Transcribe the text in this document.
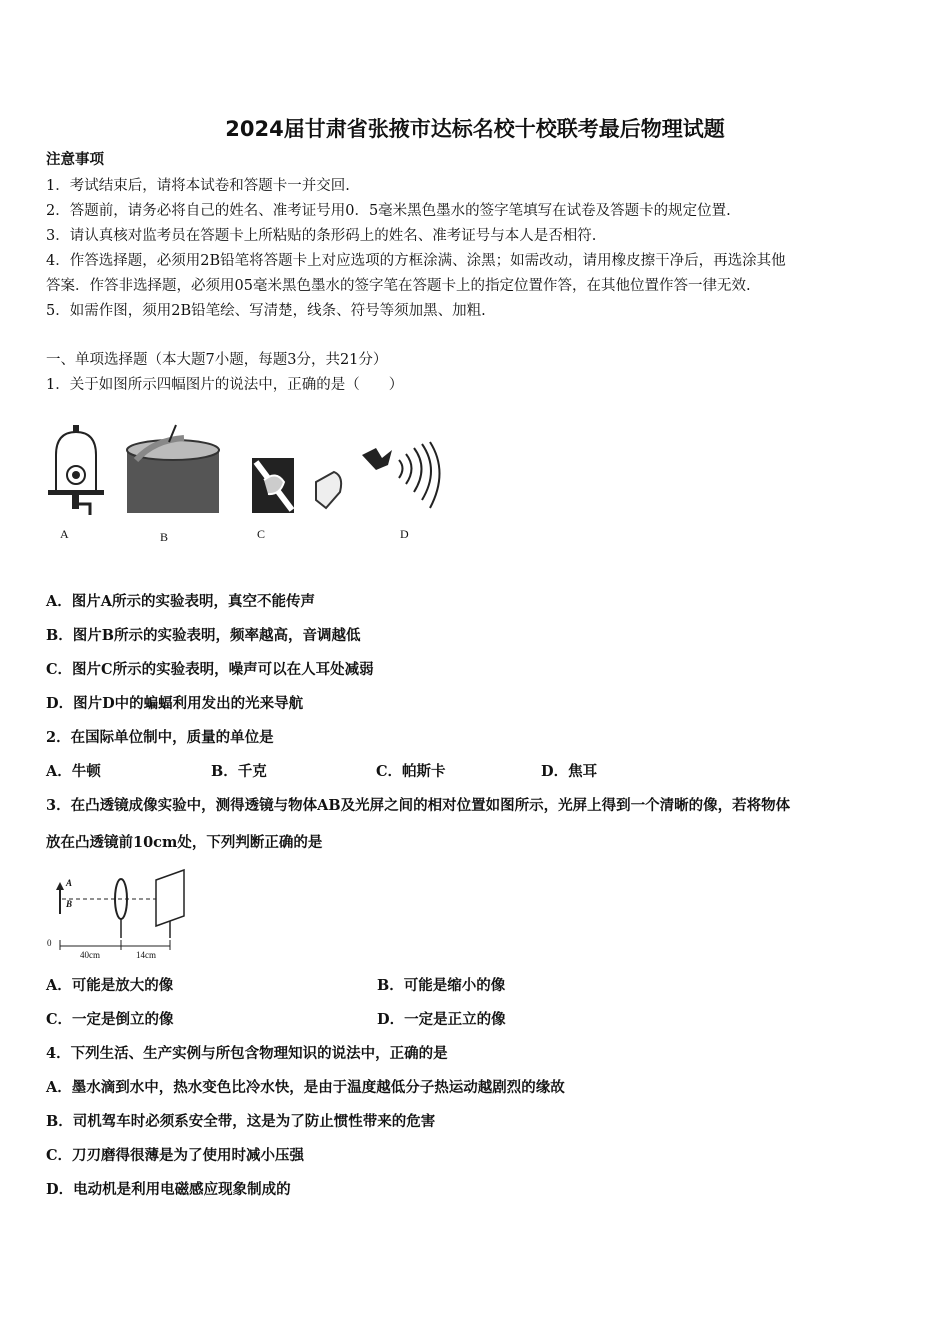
2024届甘肃省张掖市达标名校十校联考最后物理试题
注意事项
1．考试结束后，请将本试卷和答题卡一并交回.
2．答题前，请务必将自己的姓名、准考证号用0．5毫米黑色墨水的签字笔填写在试卷及答题卡的规定位置.
3．请认真核对监考员在答题卡上所粘贴的条形码上的姓名、准考证号与本人是否相符.
4．作答选择题，必须用2B铅笔将答题卡上对应选项的方框涂满、涂黑；如需改动，请用橡皮擦干净后，再选涂其他
答案．作答非选择题，必须用05毫米黑色墨水的签字笔在答题卡上的指定位置作答，在其他位置作答一律无效.
5．如需作图，须用2B铅笔绘、写清楚，线条、符号等须加黑、加粗.
一、单项选择题（本大题7小题，每题3分，共21分）
1．关于如图所示四幅图片的说法中，正确的是（　　）
A	B	C	D
A．图片A所示的实验表明，真空不能传声
B．图片B所示的实验表明，频率越高，音调越低
C．图片C所示的实验表明，噪声可以在人耳处减弱
D．图片D中的蝙蝠利用发出的光来导航
2．在国际单位制中，质量的单位是
A．牛顿	B．千克	C．帕斯卡	D．焦耳
3．在凸透镜成像实验中，测得透镜与物体AB及光屏之间的相对位置如图所示，光屏上得到一个清晰的像，若将物体
放在凸透镜前10cm处，下列判断正确的是
A
B
0
40cm	14cm
A．可能是放大的像	B．可能是缩小的像
C．一定是倒立的像	D．一定是正立的像
4．下列生活、生产实例与所包含物理知识的说法中，正确的是
A．墨水滴到水中，热水变色比冷水快，是由于温度越低分子热运动越剧烈的缘故
B．司机驾车时必须系安全带，这是为了防止惯性带来的危害
C．刀刃磨得很薄是为了使用时减小压强
D．电动机是利用电磁感应现象制成的
